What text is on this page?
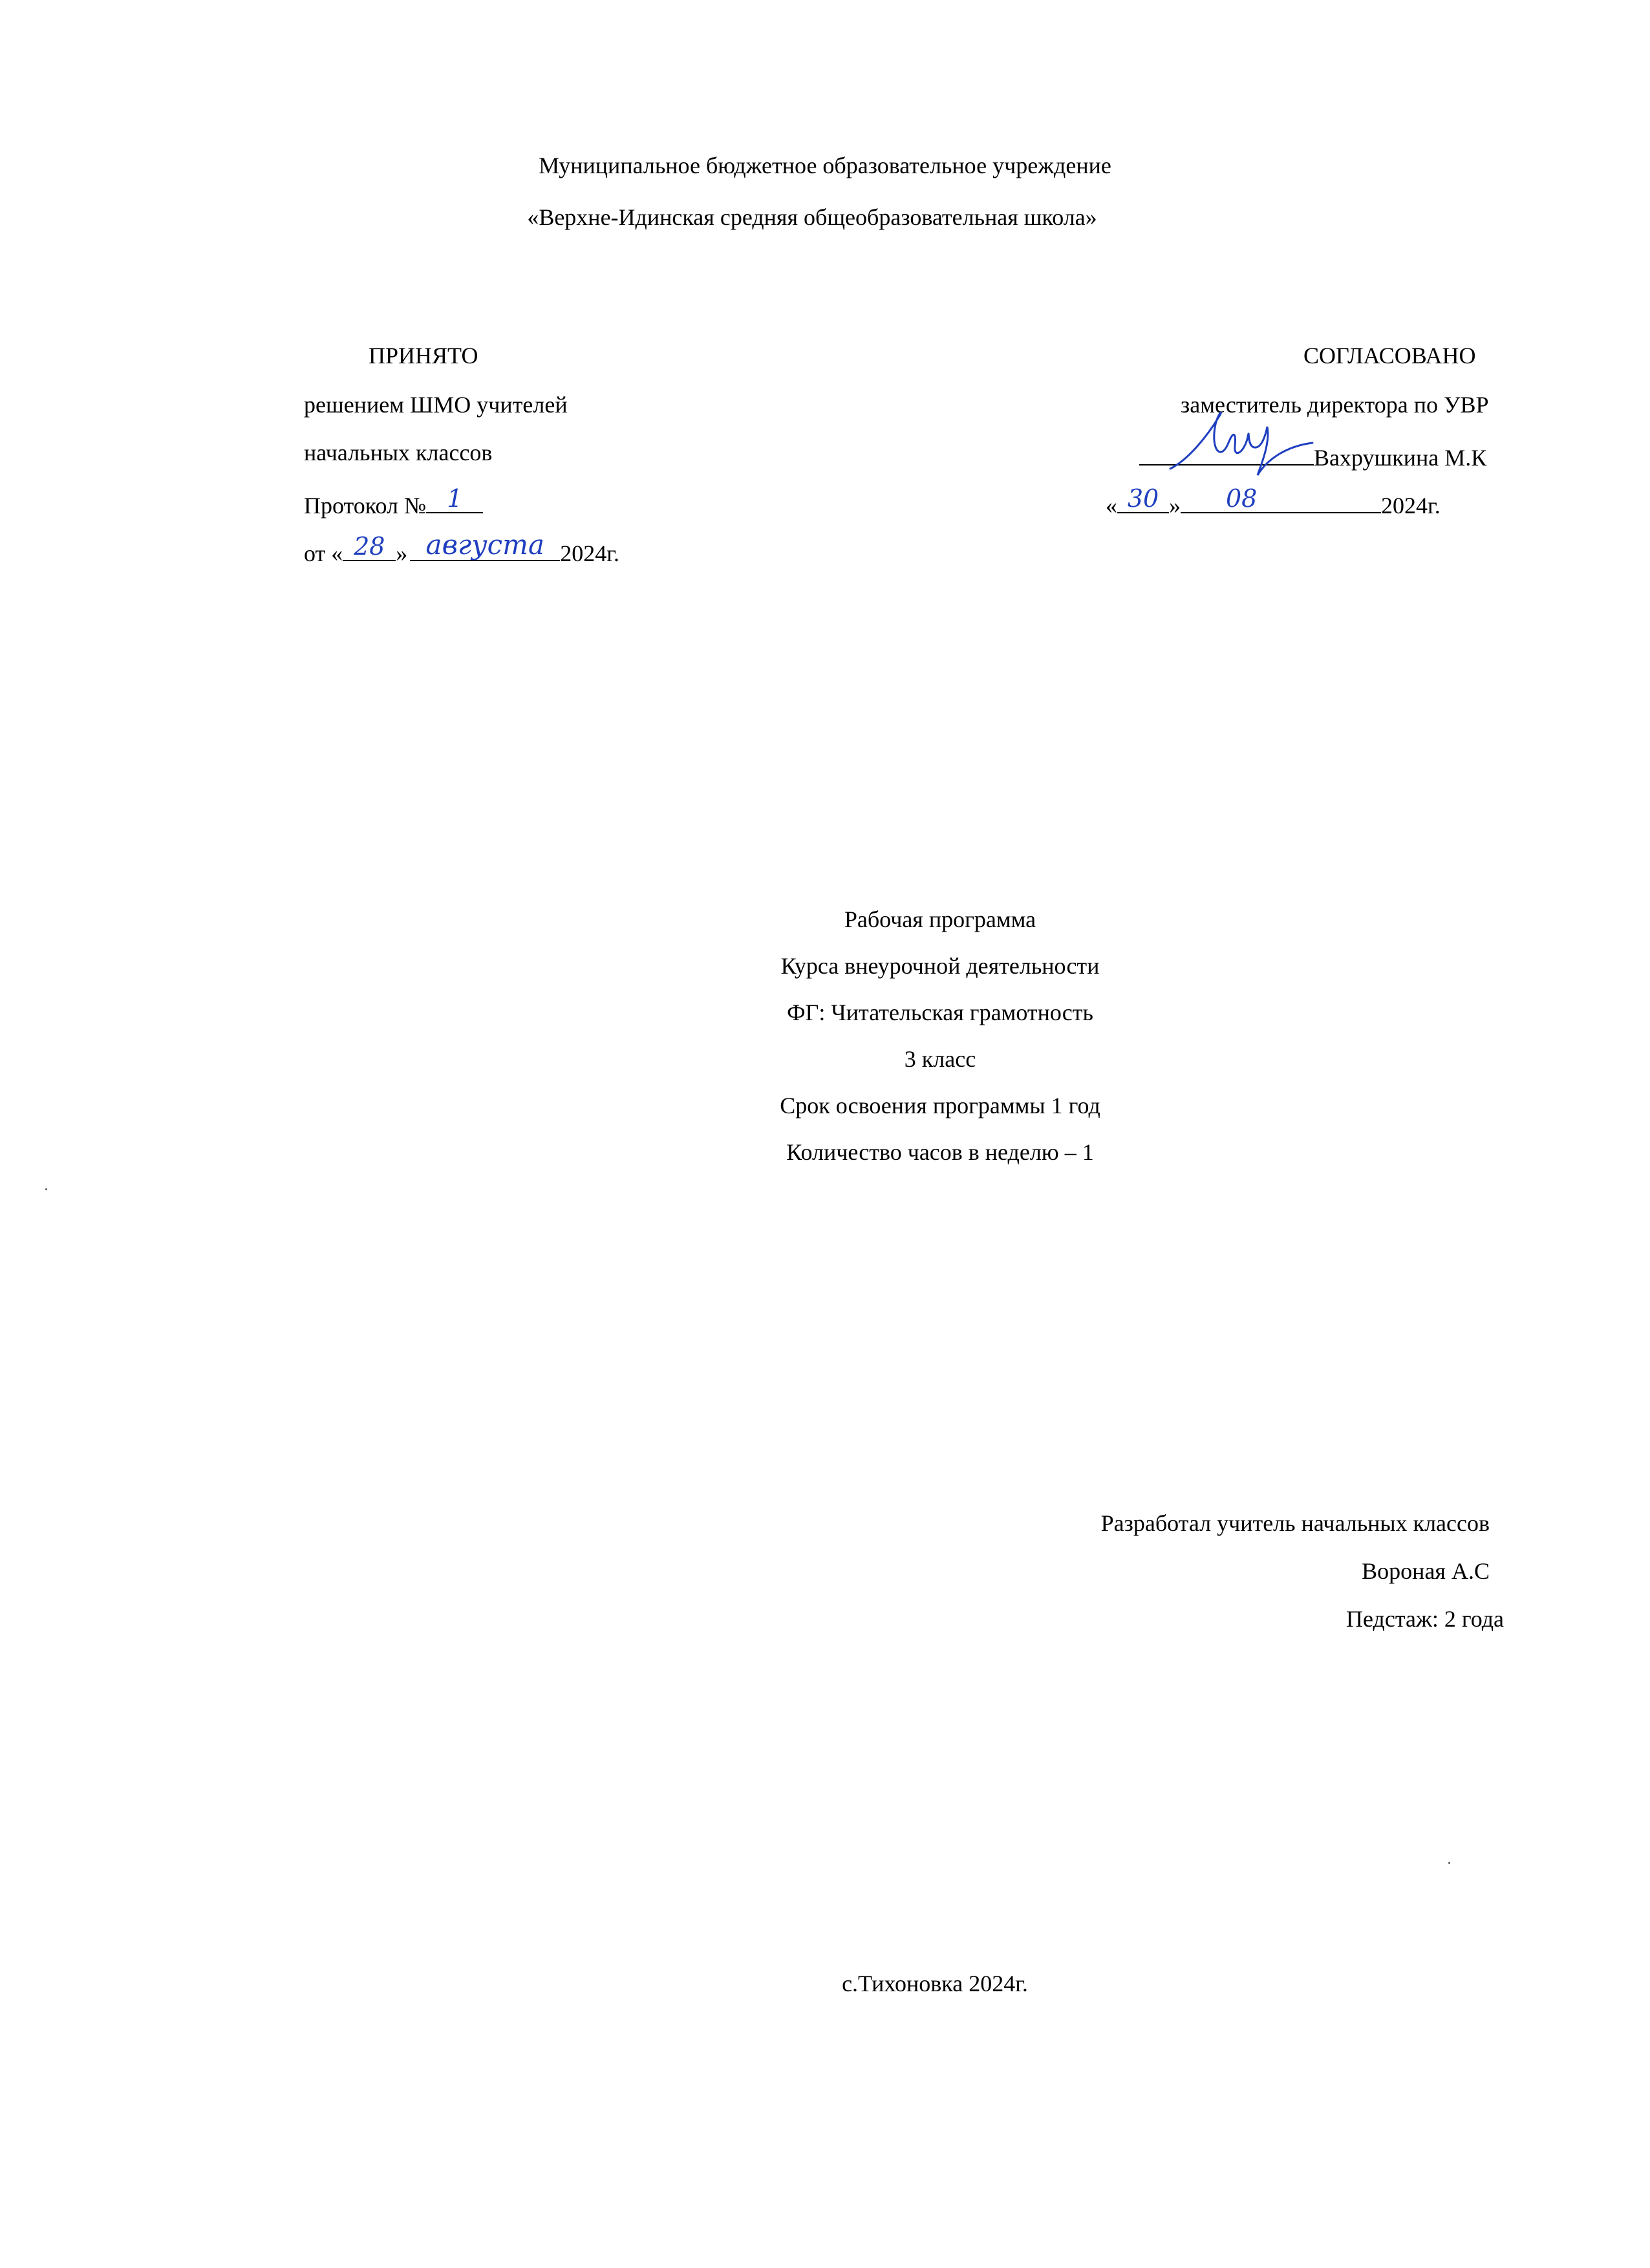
Муниципальное бюджетное образовательное учреждение
«Верхне-Идинская средняя общеобразовательная школа»
ПРИНЯТО
решением ШМО учителей
начальных классов
Протокол № 1
от « 28 » августа 2024г.
СОГЛАСОВАНО
заместитель директора по УВР
Вахрушкина М.К
« 30 » 08	2024г.
Рабочая программа
Курса внеурочной деятельности
ФГ: Читательская грамотность
3 класс
Срок освоения программы 1 год
Количество часов в неделю – 1
Разработал учитель начальных классов
Вороная А.С
Педстаж: 2 года
с.Тихоновка 2024г.
